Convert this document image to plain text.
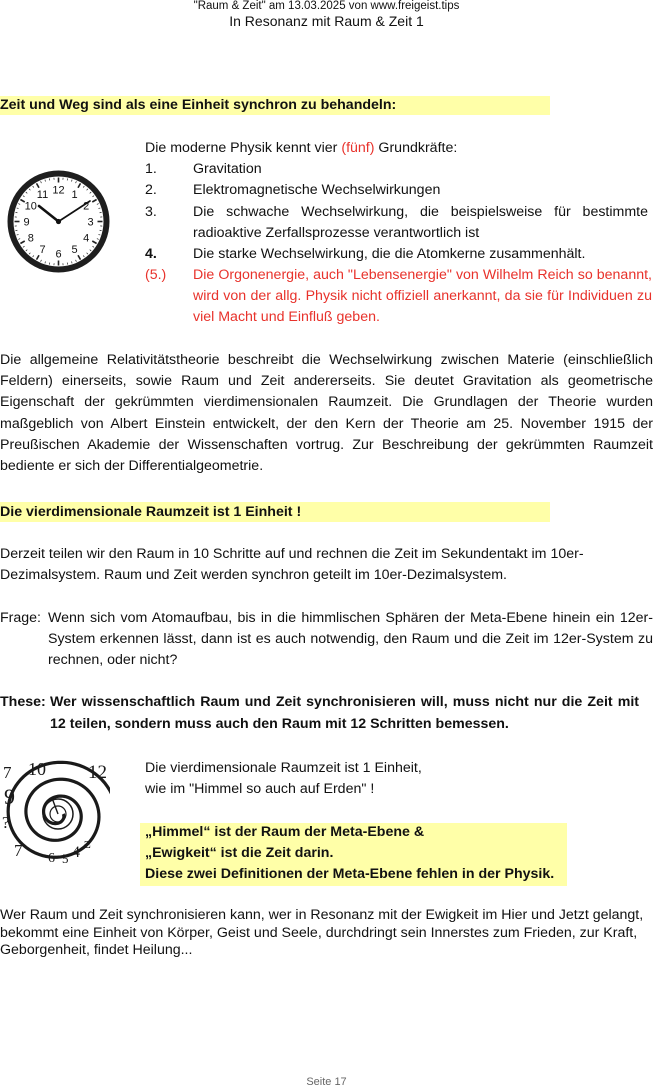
"Raum & Zeit" am 13.03.2025 von www.freigeist.tips
In Resonanz mit Raum & Zeit 1
Zeit und Weg sind als eine Einheit synchron zu behandeln:
12 1
2
3
4
5
6
7
8
9
10
11
Die moderne Physik kennt vier (fünf) Grundkräfte:
1.	Gravitation
2.	Elektromagnetische Wechselwirkungen
3.	Die schwache Wechselwirkung, die beispielsweise für bestimmte radioaktive Zerfallsprozesse verantwortlich ist
4.	Die starke Wechselwirkung, die die Atomkerne zusammenhält.
(5.) Die Orgonenergie, auch "Lebensenergie" von Wilhelm Reich so benannt, wird von der allg. Physik nicht offiziell anerkannt, da sie für Individuen zu viel Macht und Einfluß geben.
Die allgemeine Relativitätstheorie beschreibt die Wechselwirkung zwischen Materie (einschließlich Feldern) einerseits, sowie Raum und Zeit andererseits. Sie deutet Gravitation als geometrische Eigenschaft der gekrümmten vierdimensionalen Raumzeit. Die Grundlagen der Theorie wurden maßgeblich von Albert Einstein entwickelt, der den Kern der Theorie am 25. November 1915 der Preußischen Akademie der Wissenschaften vortrug. Zur Beschreibung der gekrümmten Raumzeit bediente er sich der Differentialgeometrie.
Die vierdimensionale Raumzeit ist 1 Einheit !
Derzeit teilen wir den Raum in 10 Schritte auf und rechnen die Zeit im Sekundentakt im 10er-Dezimalsystem. Raum und Zeit werden synchron geteilt im 10er-Dezimalsystem.
Frage: Wenn sich vom Atomaufbau, bis in die himmlischen Sphären der Meta-Ebene hinein ein 12er-System erkennen lässt, dann ist es auch notwendig, den Raum und die Zeit im 12er-System zu rechnen, oder nicht?
These: Wer wissenschaftlich Raum und Zeit synchronisieren will, muss nicht nur die Zeit mit 12 teilen, sondern muss auch den Raum mit 12 Schritten bemessen.
7 10 12
9
?
7	4
6 5
ƶ
Die vierdimensionale Raumzeit ist 1 Einheit,
wie im "Himmel so auch auf Erden" !
„Himmel“ ist der Raum der Meta-Ebene &
„Ewigkeit“ ist die Zeit darin.
Diese zwei Definitionen der Meta-Ebene fehlen in der Physik.
Wer Raum und Zeit synchronisieren kann, wer in Resonanz mit der Ewigkeit im Hier und Jetzt gelangt, bekommt eine Einheit von Körper, Geist und Seele, durchdringt sein Innerstes zum Frieden, zur Kraft, Geborgenheit, findet Heilung...
Seite 17
